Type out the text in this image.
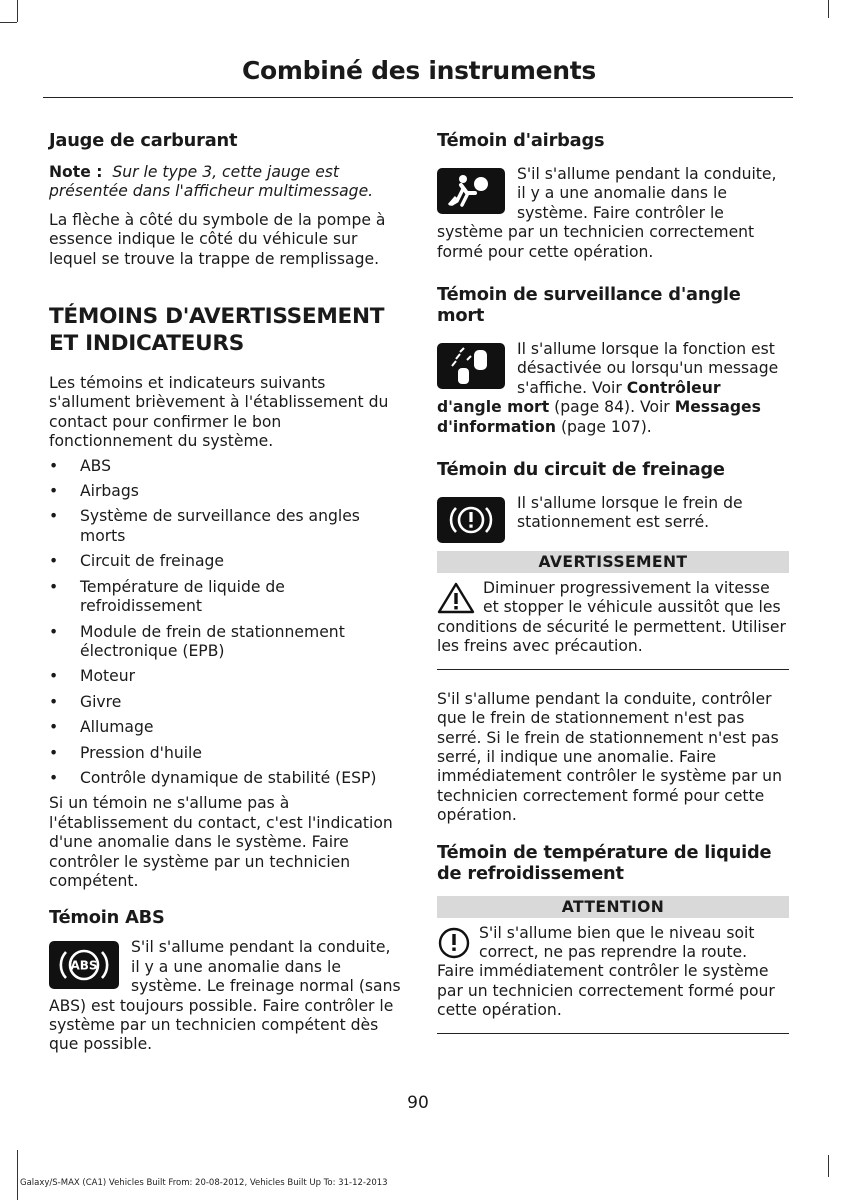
Combiné des instruments
Jauge de carburant

Note : Sur le type 3, cette jauge est présentée dans l'afficheur multimessage.

La flèche à côté du symbole de la pompe à essence indique le côté du véhicule sur lequel se trouve la trappe de remplissage.

TÉMOINS D'AVERTISSEMENT
ET INDICATEURS

Les témoins et indicateurs suivants s'allument brièvement à l'établissement du contact pour confirmer le bon fonctionnement du système.

• ABS
• Airbags
• Système de surveillance des angles morts
• Circuit de freinage
• Température de liquide de refroidissement
• Module de frein de stationnement électronique (EPB)
• Moteur
• Givre
• Allumage
• Pression d'huile
• Contrôle dynamique de stabilité (ESP)

Si un témoin ne s'allume pas à l'établissement du contact, c'est l'indication d'une anomalie dans le système. Faire contrôler le système par un technicien compétent.

Témoin ABS
ABS

S'il s'allume pendant la conduite, il y a une anomalie dans le système. Le freinage normal (sans ABS) est toujours possible. Faire contrôler le système par un technicien compétent dès que possible.

Témoin d'airbags

S'il s'allume pendant la conduite, il y a une anomalie dans le système. Faire contrôler le système par un technicien correctement formé pour cette opération.

Témoin de surveillance d'angle mort

Il s'allume lorsque la fonction est désactivée ou lorsqu'un message s'affiche. Voir Contrôleur d'angle mort (page 84). Voir Messages d'information (page 107).

Témoin du circuit de freinage

Il s'allume lorsque le frein de stationnement est serré.

AVERTISSEMENT

Diminuer progressivement la vitesse et stopper le véhicule aussitôt que les conditions de sécurité le permettent. Utiliser les freins avec précaution.

S'il s'allume pendant la conduite, contrôler que le frein de stationnement n'est pas serré. Si le frein de stationnement n'est pas serré, il indique une anomalie. Faire immédiatement contrôler le système par un technicien correctement formé pour cette opération.

Témoin de température de liquide de refroidissement
ATTENTION

S'il s'allume bien que le niveau soit correct, ne pas reprendre la route. Faire immédiatement contrôler le système par un technicien correctement formé pour cette opération.

90
Galaxy/S-MAX (CA1) Vehicles Built From: 20-08-2012, Vehicles Built Up To: 31-12-2013
